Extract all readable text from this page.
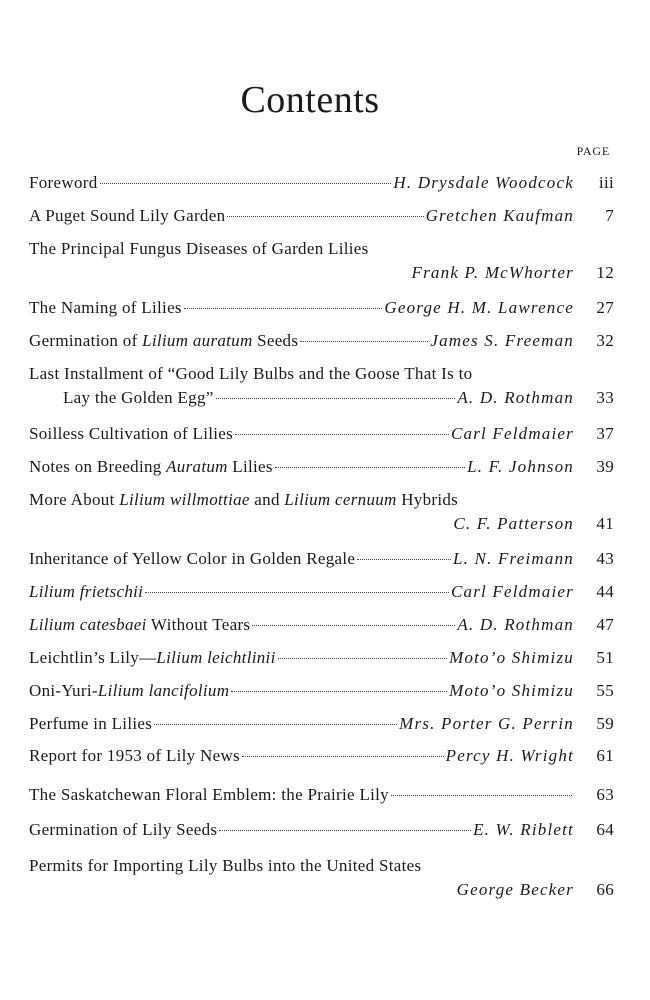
Contents
PAGE
Foreword	H. Drysdale Woodcock	iii
A Puget Sound Lily Garden	Gretchen Kaufman	7
The Principal Fungus Diseases of Garden Lilies
Frank P. McWhorter	12
The Naming of Lilies	George H. M. Lawrence	27
Germination of Lilium auratum Seeds	James S. Freeman	32
Last Installment of “Good Lily Bulbs and the Goose That Is to
Lay the Golden Egg”	A. D. Rothman	33
Soilless Cultivation of Lilies	Carl Feldmaier	37
Notes on Breeding Auratum Lilies	L. F. Johnson	39
More About Lilium willmottiae and Lilium cernuum Hybrids
C. F. Patterson	41
Inheritance of Yellow Color in Golden Regale	L. N. Freimann	43
Lilium frietschii	Carl Feldmaier	44
Lilium catesbaei Without Tears	A. D. Rothman	47
Leichtlin’s Lily—Lilium leichtlinii	Moto’o Shimizu	51
Oni-Yuri-Lilium lancifolium	Moto’o Shimizu	55
Perfume in Lilies	Mrs. Porter G. Perrin	59
Report for 1953 of Lily News	Percy H. Wright	61
The Saskatchewan Floral Emblem: the Prairie Lily	63
Germination of Lily Seeds	E. W. Riblett	64
Permits for Importing Lily Bulbs into the United States
George Becker	66
